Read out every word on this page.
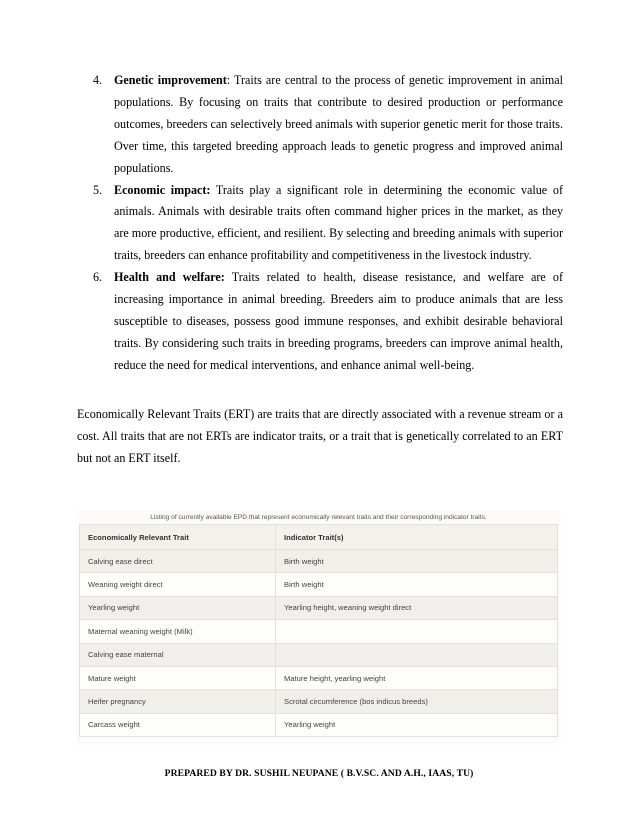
4. Genetic improvement: Traits are central to the process of genetic improvement in animal populations. By focusing on traits that contribute to desired production or performance outcomes, breeders can selectively breed animals with superior genetic merit for those traits. Over time, this targeted breeding approach leads to genetic progress and improved animal populations.
5. Economic impact: Traits play a significant role in determining the economic value of animals. Animals with desirable traits often command higher prices in the market, as they are more productive, efficient, and resilient. By selecting and breeding animals with superior traits, breeders can enhance profitability and competitiveness in the livestock industry.
6. Health and welfare: Traits related to health, disease resistance, and welfare are of increasing importance in animal breeding. Breeders aim to produce animals that are less susceptible to diseases, possess good immune responses, and exhibit desirable behavioral traits. By considering such traits in breeding programs, breeders can improve animal health, reduce the need for medical interventions, and enhance animal well-being.

Economically Relevant Traits (ERT) are traits that are directly associated with a revenue stream or a cost. All traits that are not ERTs are indicator traits, or a trait that is genetically correlated to an ERT but not an ERT itself.

Listing of currently available EPD that represent economically relevant traits and their corresponding indicator traits.
Economically Relevant Trait	Indicator Trait(s)
Calving ease direct	Birth weight
Weaning weight direct	Birth weight
Yearling weight	Yearling height, weaning weight direct
Maternal weaning weight (Milk)	
Calving ease maternal	
Mature weight	Mature height, yearling weight
Heifer pregnancy	Scrotal circumference (bos indicus breeds)
Carcass weight	Yearling weight
PREPARED BY DR. SUSHIL NEUPANE ( B.V.SC. AND A.H., IAAS, TU)
